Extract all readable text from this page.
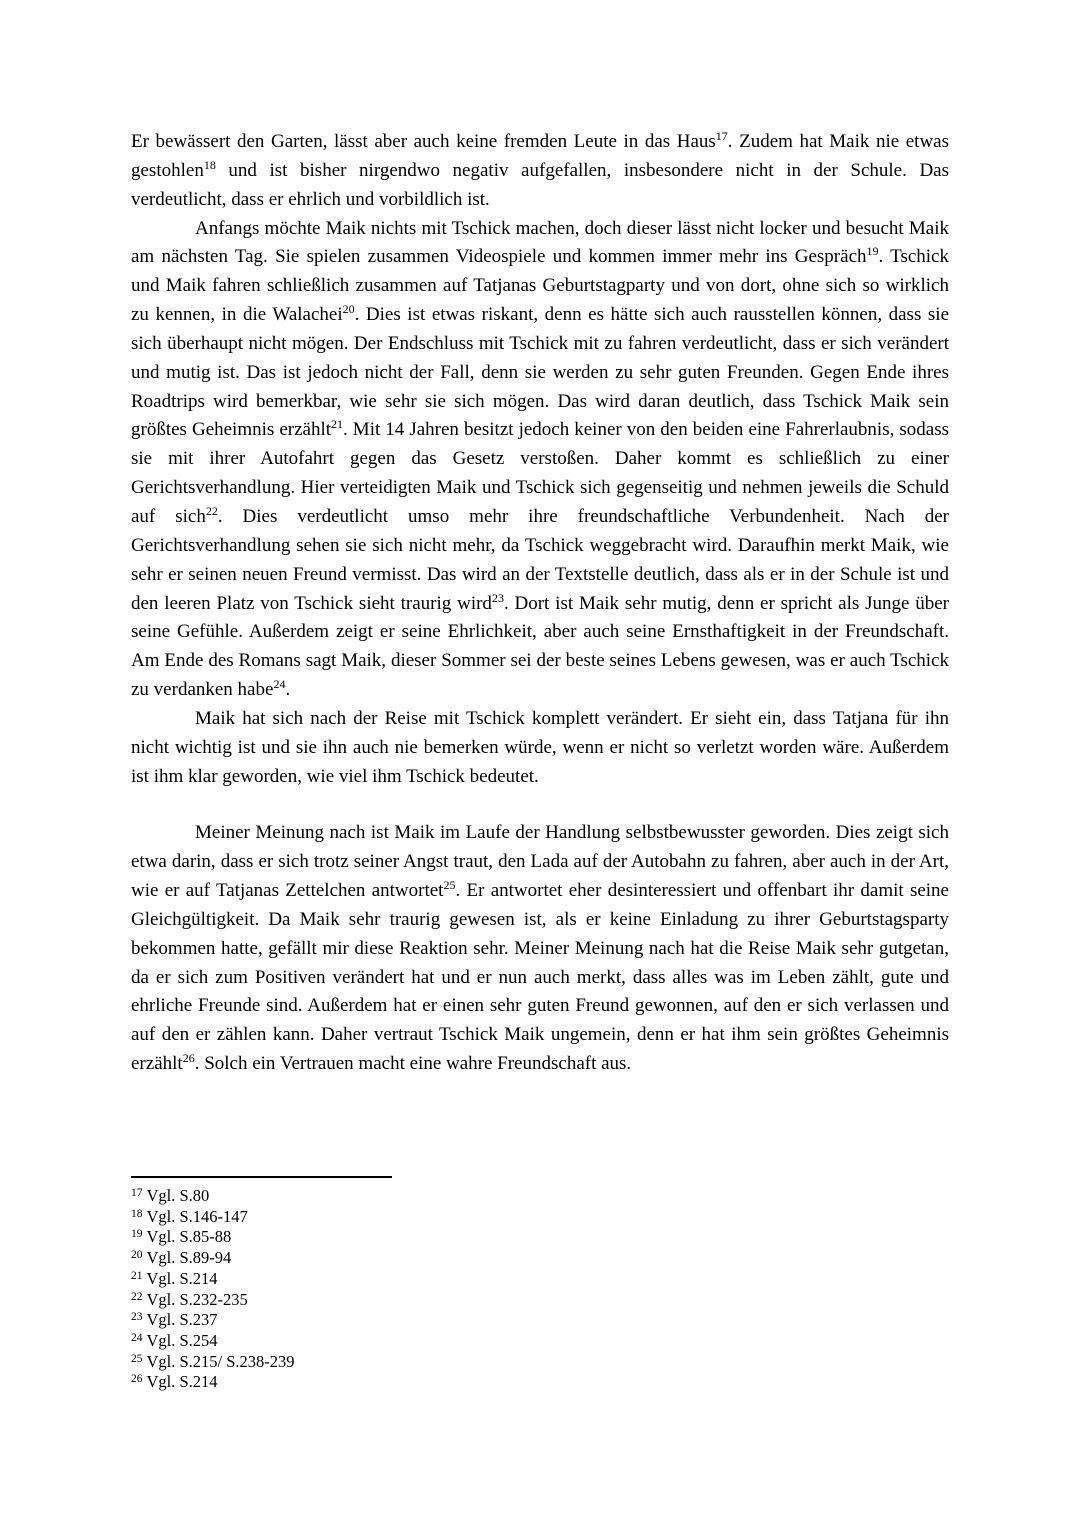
Er bewässert den Garten, lässt aber auch keine fremden Leute in das Haus$^{17}$. Zudem hat Maik nie etwas gestohlen$^{18}$ und ist bisher nirgendwo negativ aufgefallen, insbesondere nicht in der Schule. Das verdeutlicht, dass er ehrlich und vorbildlich ist.

Anfangs möchte Maik nichts mit Tschick machen, doch dieser lässt nicht locker und besucht Maik am nächsten Tag. Sie spielen zusammen Videospiele und kommen immer mehr ins Gespräch$^{19}$. Tschick und Maik fahren schließlich zusammen auf Tatjanas Geburtstagparty und von dort, ohne sich so wirklich zu kennen, in die Walachei$^{20}$. Dies ist etwas riskant, denn es hätte sich auch rausstellen können, dass sie sich überhaupt nicht mögen. Der Endschluss mit Tschick mit zu fahren verdeutlicht, dass er sich verändert und mutig ist. Das ist jedoch nicht der Fall, denn sie werden zu sehr guten Freunden. Gegen Ende ihres Roadtrips wird bemerkbar, wie sehr sie sich mögen. Das wird daran deutlich, dass Tschick Maik sein größtes Geheimnis erzählt$^{21}$. Mit 14 Jahren besitzt jedoch keiner von den beiden eine Fahrerlaubnis, sodass sie mit ihrer Autofahrt gegen das Gesetz verstoßen. Daher kommt es schließlich zu einer Gerichtsverhandlung. Hier verteidigten Maik und Tschick sich gegenseitig und nehmen jeweils die Schuld auf sich$^{22}$. Dies verdeutlicht umso mehr ihre freundschaftliche Verbundenheit. Nach der Gerichtsverhandlung sehen sie sich nicht mehr, da Tschick weggebracht wird. Daraufhin merkt Maik, wie sehr er seinen neuen Freund vermisst. Das wird an der Textstelle deutlich, dass als er in der Schule ist und den leeren Platz von Tschick sieht traurig wird$^{23}$. Dort ist Maik sehr mutig, denn er spricht als Junge über seine Gefühle. Außerdem zeigt er seine Ehrlichkeit, aber auch seine Ernsthaftigkeit in der Freundschaft. Am Ende des Romans sagt Maik, dieser Sommer sei der beste seines Lebens gewesen, was er auch Tschick zu verdanken habe$^{24}$.

Maik hat sich nach der Reise mit Tschick komplett verändert. Er sieht ein, dass Tatjana für ihn nicht wichtig ist und sie ihn auch nie bemerken würde, wenn er nicht so verletzt worden wäre. Außerdem ist ihm klar geworden, wie viel ihm Tschick bedeutet.

Meiner Meinung nach ist Maik im Laufe der Handlung selbstbewusster geworden. Dies zeigt sich etwa darin, dass er sich trotz seiner Angst traut, den Lada auf der Autobahn zu fahren, aber auch in der Art, wie er auf Tatjanas Zettelchen antwortet$^{25}$. Er antwortet eher desinteressiert und offenbart ihr damit seine Gleichgültigkeit. Da Maik sehr traurig gewesen ist, als er keine Einladung zu ihrer Geburtstagsparty bekommen hatte, gefällt mir diese Reaktion sehr. Meiner Meinung nach hat die Reise Maik sehr gutgetan, da er sich zum Positiven verändert hat und er nun auch merkt, dass alles was im Leben zählt, gute und ehrliche Freunde sind. Außerdem hat er einen sehr guten Freund gewonnen, auf den er sich verlassen und auf den er zählen kann. Daher vertraut Tschick Maik ungemein, denn er hat ihm sein größtes Geheimnis erzählt$^{26}$. Solch ein Vertrauen macht eine wahre Freundschaft aus.

$^{17}$ Vgl. S.80
$^{18}$ Vgl. S.146-147
$^{19}$ Vgl. S.85-88
$^{20}$ Vgl. S.89-94
$^{21}$ Vgl. S.214
$^{22}$ Vgl. S.232-235
$^{23}$ Vgl. S.237
$^{24}$ Vgl. S.254
$^{25}$ Vgl. S.215/ S.238-239
$^{26}$ Vgl. S.214
